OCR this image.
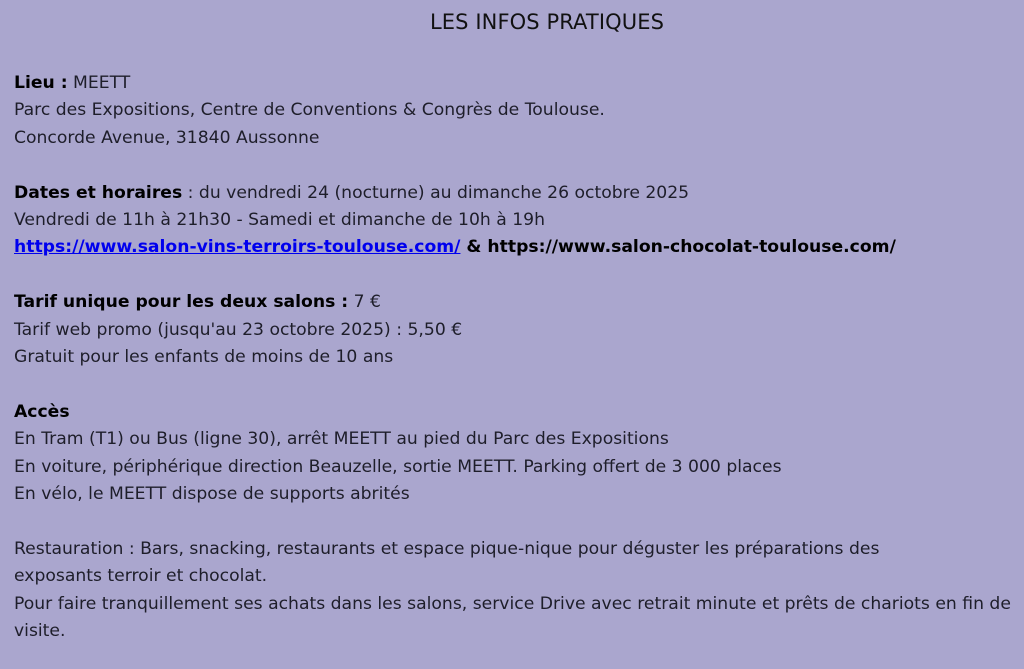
LES INFOS PRATIQUES
Lieu : MEETT
Parc des Expositions, Centre de Conventions & Congrès de Toulouse.
Concorde Avenue, 31840 Aussonne
Dates et horaires : du vendredi 24 (nocturne) au dimanche 26 octobre 2025
Vendredi de 11h à 21h30 - Samedi et dimanche de 10h à 19h
https://www.salon-vins-terroirs-toulouse.com/ & https://www.salon-chocolat-toulouse.com/
Tarif unique pour les deux salons : 7 €
Tarif web promo (jusqu'au 23 octobre 2025) : 5,50 €
Gratuit pour les enfants de moins de 10 ans
Accès
En Tram (T1) ou Bus (ligne 30), arrêt MEETT au pied du Parc des Expositions
En voiture, périphérique direction Beauzelle, sortie MEETT. Parking offert de 3 000 places
En vélo, le MEETT dispose de supports abrités
Restauration : Bars, snacking, restaurants et espace pique-nique pour déguster les préparations des exposants terroir et chocolat.
Pour faire tranquillement ses achats dans les salons, service Drive avec retrait minute et prêts de chariots en fin de visite.
